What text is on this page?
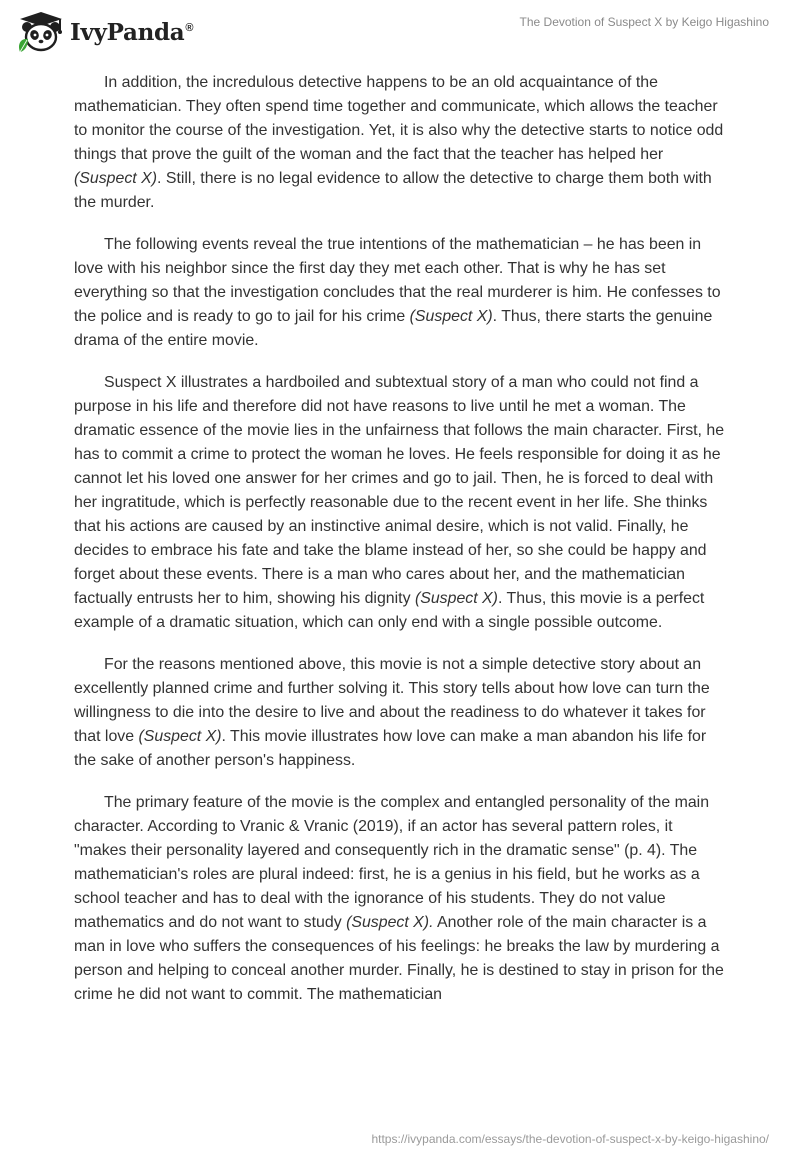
IvyPanda®	The Devotion of Suspect X by Keigo Higashino

In addition, the incredulous detective happens to be an old acquaintance of the mathematician. They often spend time together and communicate, which allows the teacher to monitor the course of the investigation. Yet, it is also why the detective starts to notice odd things that prove the guilt of the woman and the fact that the teacher has helped her (Suspect X). Still, there is no legal evidence to allow the detective to charge them both with the murder.

The following events reveal the true intentions of the mathematician – he has been in love with his neighbor since the first day they met each other. That is why he has set everything so that the investigation concludes that the real murderer is him. He confesses to the police and is ready to go to jail for his crime (Suspect X). Thus, there starts the genuine drama of the entire movie.

Suspect X illustrates a hardboiled and subtextual story of a man who could not find a purpose in his life and therefore did not have reasons to live until he met a woman. The dramatic essence of the movie lies in the unfairness that follows the main character. First, he has to commit a crime to protect the woman he loves. He feels responsible for doing it as he cannot let his loved one answer for her crimes and go to jail. Then, he is forced to deal with her ingratitude, which is perfectly reasonable due to the recent event in her life. She thinks that his actions are caused by an instinctive animal desire, which is not valid. Finally, he decides to embrace his fate and take the blame instead of her, so she could be happy and forget about these events. There is a man who cares about her, and the mathematician factually entrusts her to him, showing his dignity (Suspect X). Thus, this movie is a perfect example of a dramatic situation, which can only end with a single possible outcome.

For the reasons mentioned above, this movie is not a simple detective story about an excellently planned crime and further solving it. This story tells about how love can turn the willingness to die into the desire to live and about the readiness to do whatever it takes for that love (Suspect X). This movie illustrates how love can make a man abandon his life for the sake of another person's happiness.

The primary feature of the movie is the complex and entangled personality of the main character. According to Vranic & Vranic (2019), if an actor has several pattern roles, it "makes their personality layered and consequently rich in the dramatic sense" (p. 4). The mathematician's roles are plural indeed: first, he is a genius in his field, but he works as a school teacher and has to deal with the ignorance of his students. They do not value mathematics and do not want to study (Suspect X). Another role of the main character is a man in love who suffers the consequences of his feelings: he breaks the law by murdering a person and helping to conceal another murder. Finally, he is destined to stay in prison for the crime he did not want to commit. The mathematician

https://ivypanda.com/essays/the-devotion-of-suspect-x-by-keigo-higashino/
